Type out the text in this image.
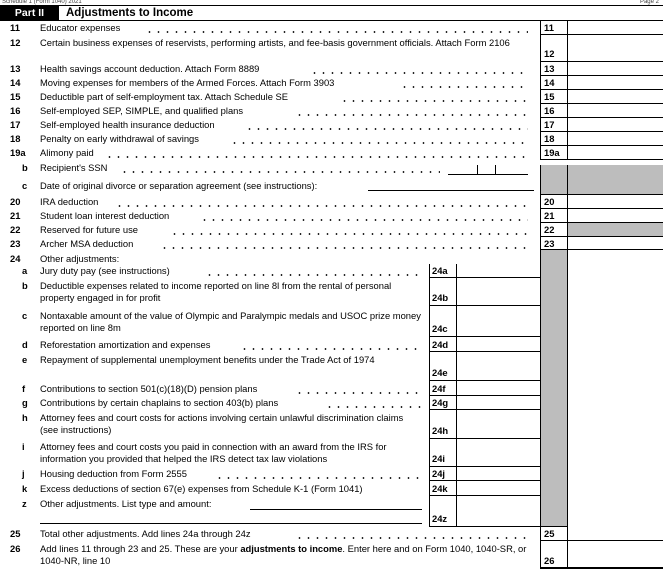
Schedule 1 (Form 1040) 2021	Page 2
Part II	Adjustments to Income
11 Educator expenses	11
12 Certain business expenses of reservists, performing artists, and fee-basis government officials. Attach Form 2106
12
13 Health savings account deduction. Attach Form 8889	13
14 Moving expenses for members of the Armed Forces. Attach Form 3903	14
15 Deductible part of self-employment tax. Attach Schedule SE	15
16 Self-employed SEP, SIMPLE, and qualified plans	16
17 Self-employed health insurance deduction	17
18 Penalty on early withdrawal of savings	18
19a Alimony paid	19a
b Recipient's SSN
c Date of original divorce or separation agreement (see instructions):
20 IRA deduction	20
21 Student loan interest deduction	21
22 Reserved for future use	22
23 Archer MSA deduction	23
24 Other adjustments:
a Jury duty pay (see instructions)	24a
b Deductible expenses related to income reported on line 8l from the rental of personal property engaged in for profit	24b
c Nontaxable amount of the value of Olympic and Paralympic medals and USOC prize money reported on line 8m	24c
d Reforestation amortization and expenses	24d
e Repayment of supplemental unemployment benefits under the Trade Act of 1974
24e
f Contributions to section 501(c)(18)(D) pension plans	24f
g Contributions by certain chaplains to section 403(b) plans	24g
h Attorney fees and court costs for actions involving certain unlawful discrimination claims (see instructions)	24h
i Attorney fees and court costs you paid in connection with an award from the IRS for information you provided that helped the IRS detect tax law violations	24i
j Housing deduction from Form 2555	24j
k Excess deductions of section 67(e) expenses from Schedule K-1 (Form 1041)	24k
z Other adjustments. List type and amount:
24z
25 Total other adjustments. Add lines 24a through 24z	25
26 Add lines 11 through 23 and 25. These are your adjustments to income. Enter here and on Form 1040, 1040-SR, or 1040-NR, line 10	26
